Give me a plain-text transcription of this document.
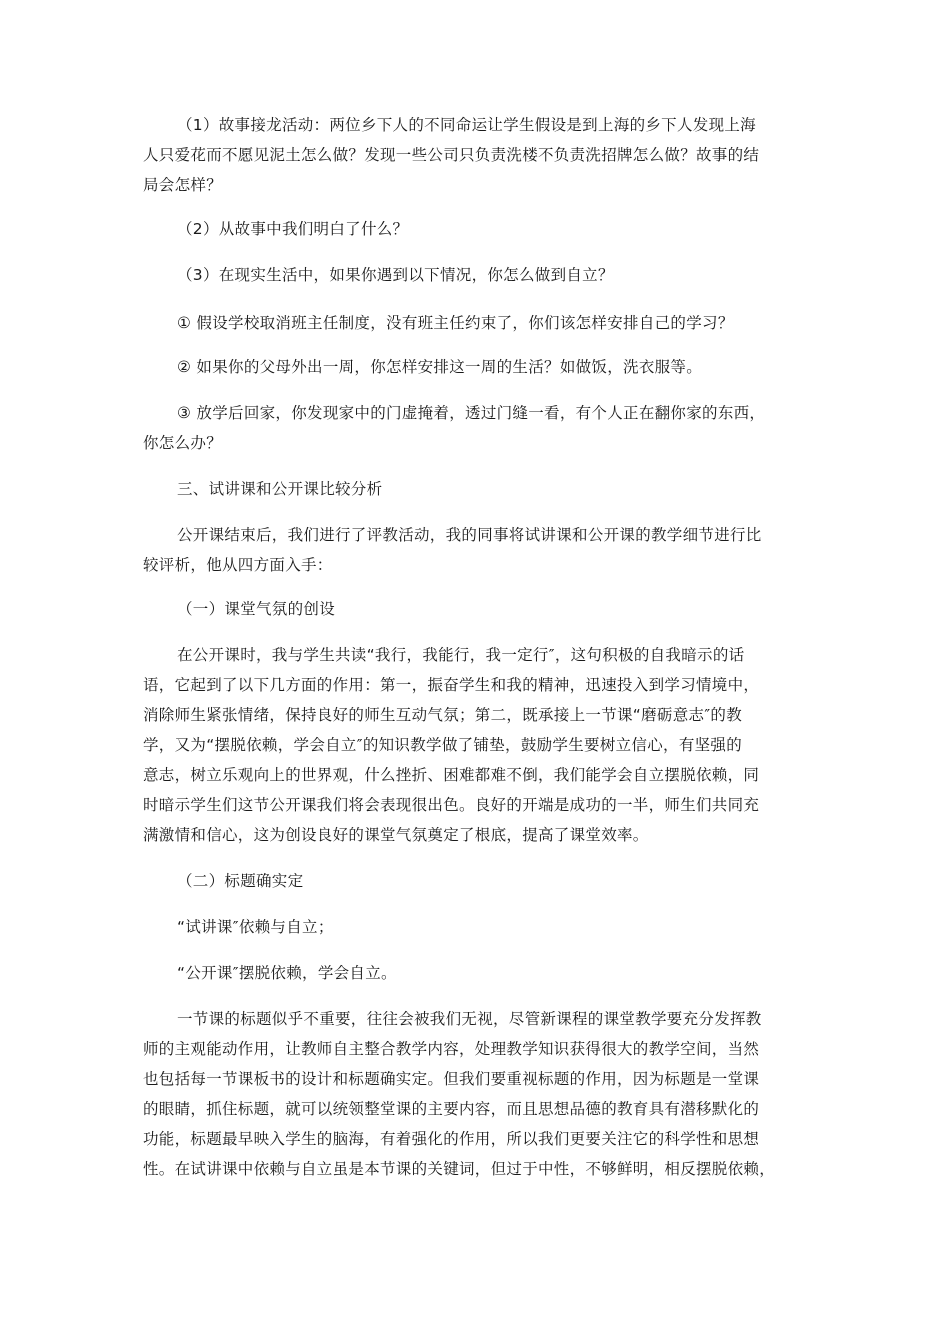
（1）故事接龙活动：两位乡下人的不同命运让学生假设是到上海的乡下人发现上海
人只爱花而不愿见泥土怎么做？发现一些公司只负责洗楼不负责洗招牌怎么做？故事的结
局会怎样？
（2）从故事中我们明白了什么？
（3）在现实生活中，如果你遇到以下情况，你怎么做到自立？
① 假设学校取消班主任制度，没有班主任约束了，你们该怎样安排自己的学习？
② 如果你的父母外出一周，你怎样安排这一周的生活？如做饭，洗衣服等。
③ 放学后回家，你发现家中的门虚掩着，透过门缝一看，有个人正在翻你家的东西，
你怎么办？
三、试讲课和公开课比较分析
公开课结束后，我们进行了评教活动，我的同事将试讲课和公开课的教学细节进行比
较评析，他从四方面入手：
（一）课堂气氛的创设
在公开课时，我与学生共读“我行，我能行，我一定行″，这句积极的自我暗示的话
语，它起到了以下几方面的作用：第一，振奋学生和我的精神，迅速投入到学习情境中，
消除师生紧张情绪，保持良好的师生互动气氛；第二，既承接上一节课“磨砺意志″的教
学，又为“摆脱依赖，学会自立″的知识教学做了铺垫，鼓励学生要树立信心，有坚强的
意志，树立乐观向上的世界观，什么挫折、困难都难不倒，我们能学会自立摆脱依赖，同
时暗示学生们这节公开课我们将会表现很出色。良好的开端是成功的一半，师生们共同充
满激情和信心，这为创设良好的课堂气氛奠定了根底，提高了课堂效率。
（二）标题确实定
“试讲课″依赖与自立；
“公开课″摆脱依赖，学会自立。
一节课的标题似乎不重要，往往会被我们无视，尽管新课程的课堂教学要充分发挥教
师的主观能动作用，让教师自主整合教学内容，处理教学知识获得很大的教学空间，当然
也包括每一节课板书的设计和标题确实定。但我们要重视标题的作用，因为标题是一堂课
的眼睛，抓住标题，就可以统领整堂课的主要内容，而且思想品德的教育具有潜移默化的
功能，标题最早映入学生的脑海，有着强化的作用，所以我们更要关注它的科学性和思想
性。在试讲课中依赖与自立虽是本节课的关键词，但过于中性，不够鲜明，相反摆脱依赖，
